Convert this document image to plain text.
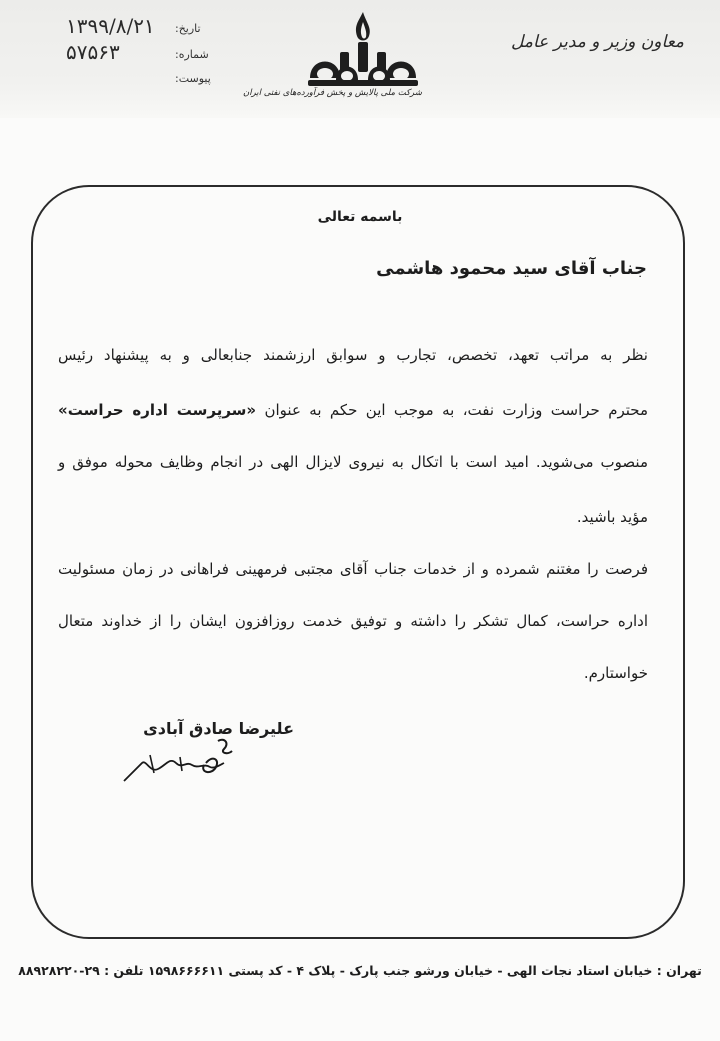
معاون وزیر و مدیر عامل
شرکت ملی پالایش و پخش فرآورده‌های نفتی ایران
تاریخ:
۱۳۹۹/۸/۲۱
شماره:
۵۷۵۶۳
پیوست:
باسمه تعالی
جناب آقای سید محمود هاشمی
نظر به مراتب تعهد، تخصص، تجارب و سوابق ارزشمند جنابعالی و به پیشنهاد رئیس
محترم حراست وزارت نفت، به موجب این حکم به عنوان «سرپرست اداره حراست»
منصوب می‌شوید. امید است با اتکال به نیروی لایزال الهی در انجام وظایف محوله موفق و
مؤید باشید.
فرصت را مغتنم شمرده و از خدمات جناب آقای مجتبی فرمهینی فراهانی در زمان مسئولیت
اداره حراست، کمال تشکر را داشته و توفیق خدمت روزافزون ایشان را از خداوند متعال
خواستارم.
علیرضا صادق آبادی
تهران : خیابان استاد نجات الهی - خیابان ورشو جنب پارک - پلاک ۴ - کد پستی ۱۵۹۸۶۶۶۶۱۱ تلفن : ۲۹-۸۸۹۲۸۲۲۰
